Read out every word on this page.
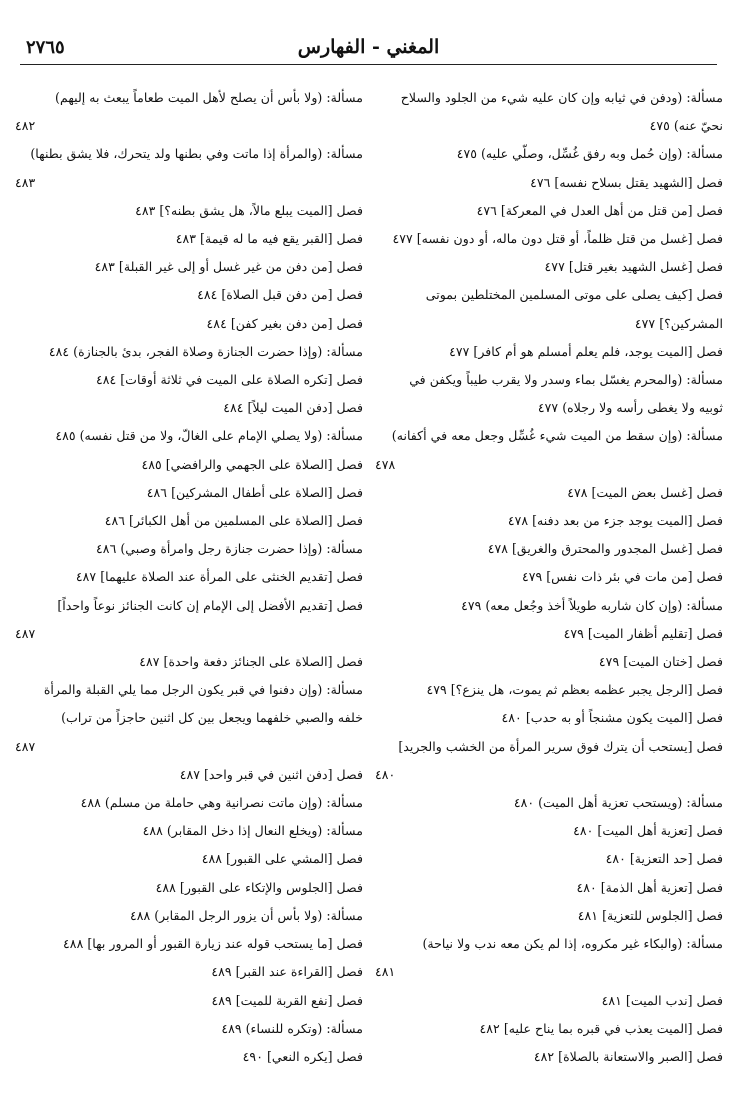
المغني - الفهارس
٢٧٦٥
مسألة: (ودفن في ثيابه وإن كان عليه شيء من الجلود والسلاح
نحيّ عنه) ٤٧٥
مسألة: (وإن حُمل وبه رفق غُسِّل، وصلّي عليه) ٤٧٥
فصل [الشهيد يقتل بسلاح نفسه] ٤٧٦
فصل [من قتل من أهل العدل في المعركة] ٤٧٦
فصل [غسل من قتل ظلماً، أو قتل دون ماله، أو دون نفسه] ٤٧٧
فصل [غسل الشهيد بغير قتل] ٤٧٧
فصل [كيف يصلى على موتى المسلمين المختلطين بموتى
المشركين؟] ٤٧٧
فصل [الميت يوجد، فلم يعلم أمسلم هو أم كافر] ٤٧٧
مسألة: (والمحرم يغسّل بماء وسدر ولا يقرب طيباً ويكفن في
ثوبيه ولا يغطى رأسه ولا رجلاه) ٤٧٧
مسألة: (وإن سقط من الميت شيء غُسِّل وجعل معه في أكفانه)
٤٧٨
فصل [غسل بعض الميت] ٤٧٨
فصل [الميت يوجد جزء من بعد دفنه] ٤٧٨
فصل [غسل المجدور والمحترق والغريق] ٤٧٨
فصل [من مات في بئر ذات نفس] ٤٧٩
مسألة: (وإن كان شاربه طويلاً أخذ وجُعل معه) ٤٧٩
فصل [تقليم أظفار الميت] ٤٧٩
فصل [ختان الميت] ٤٧٩
فصل [الرجل يجبر عظمه بعظم ثم يموت، هل ينزع؟] ٤٧٩
فصل [الميت يكون مشنجاً أو به حدب] ٤٨٠
فصل [يستحب أن يترك فوق سرير المرأة من الخشب والجريد]
٤٨٠
مسألة: (ويستحب تعزية أهل الميت) ٤٨٠
فصل [تعزية أهل الميت] ٤٨٠
فصل [حد التعزية] ٤٨٠
فصل [تعزية أهل الذمة] ٤٨٠
فصل [الجلوس للتعزية] ٤٨١
مسألة: (والبكاء غير مكروه، إذا لم يكن معه ندب ولا نياحة)
٤٨١
فصل [ندب الميت] ٤٨١
فصل [الميت يعذب في قبره بما يناح عليه] ٤٨٢
فصل [الصبر والاستعانة بالصلاة] ٤٨٢
مسألة: (ولا بأس أن يصلح لأهل الميت طعاماً يبعث به إليهم)
٤٨٢
مسألة: (والمرأة إذا ماتت وفي بطنها ولد يتحرك، فلا يشق بطنها)
٤٨٣
فصل [الميت يبلع مالاً، هل يشق بطنه؟] ٤٨٣
فصل [القبر يقع فيه ما له قيمة] ٤٨٣
فصل [من دفن من غير غسل أو إلى غير القبلة] ٤٨٣
فصل [من دفن قبل الصلاة] ٤٨٤
فصل [من دفن بغير كفن] ٤٨٤
مسألة: (وإذا حضرت الجنازة وصلاة الفجر، بدئ بالجنازة) ٤٨٤
فصل [تكره الصلاة على الميت في ثلاثة أوقات] ٤٨٤
فصل [دفن الميت ليلاً] ٤٨٤
مسألة: (ولا يصلي الإمام على الغالّ، ولا من قتل نفسه) ٤٨٥
فصل [الصلاة على الجهمي والرافضي] ٤٨٥
فصل [الصلاة على أطفال المشركين] ٤٨٦
فصل [الصلاة على المسلمين من أهل الكبائر] ٤٨٦
مسألة: (وإذا حضرت جنازة رجل وامرأة وصبي) ٤٨٦
فصل [تقديم الخنثى على المرأة عند الصلاة عليهما] ٤٨٧
فصل [تقديم الأفضل إلى الإمام إن كانت الجنائز نوعاً واحداً]
٤٨٧
فصل [الصلاة على الجنائز دفعة واحدة] ٤٨٧
مسألة: (وإن دفنوا في قبر يكون الرجل مما يلي القبلة والمرأة
خلفه والصبي خلفهما ويجعل بين كل اثنين حاجزاً من تراب)
٤٨٧
فصل [دفن اثنين في قبر واحد] ٤٨٧
مسألة: (وإن ماتت نصرانية وهي حاملة من مسلم) ٤٨٨
مسألة: (ويخلع النعال إذا دخل المقابر) ٤٨٨
فصل [المشي على القبور] ٤٨٨
فصل [الجلوس والإتكاء على القبور] ٤٨٨
مسألة: (ولا بأس أن يزور الرجل المقابر) ٤٨٨
فصل [ما يستحب قوله عند زيارة القبور أو المرور بها] ٤٨٨
فصل [القراءة عند القبر] ٤٨٩
فصل [نفع القربة للميت] ٤٨٩
مسألة: (وتكره للنساء) ٤٨٩
فصل [يكره النعي] ٤٩٠
